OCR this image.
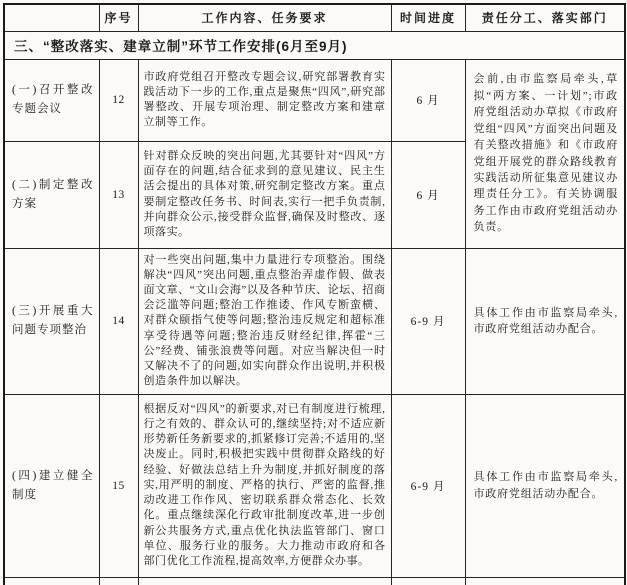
	序号	工作内容、任务要求	时间进度	责任分工、落实部门
三、“整改落实、建章立制”环节工作安排(6月至9月)				
(一)召开整改专题会议	12	市政府党组召开整改专题会议,研究部署教育实践活动下一步的工作,重点是聚焦“四风”,研究部署整改、开展专项治理、制定整改方案和建章立制等工作。	6 月	会前,由市监察局牵头,草拟“两方案、一计划”;市政府党组活动办草拟《市政府党组“四风”方面突出问题及有关整改措施》和《市政府党组开展党的群众路线教育实践活动所征集意见建议办理责任分工》。有关协调服务工作由市政府党组活动办负责。
(二)制定整改方案	13	针对群众反映的突出问题,尤其要针对“四风”方面存在的问题,结合征求到的意见建议、民主生活会提出的具体对策,研究制定整改方案。重点要制定整改任务书、时间表,实行一把手负责制,并向群众公示,接受群众监督,确保及时整改、逐项落实。	6 月	
(三)开展重大问题专项整治	14	对一些突出问题,集中力量进行专项整治。围绕解决“四风”突出问题,重点整治弄虚作假、做表面文章、“文山会海”以及各种节庆、论坛、招商会泛滥等问题;整治工作推诿、作风专断蛮横、对群众颐指气使等问题;整治违反规定和超标准享受待遇等问题;整治违反财经纪律,挥霍“三公”经费、铺张浪费等问题。对应当解决但一时又解决不了的问题,如实向群众作出说明,并积极创造条件加以解决。	6-9 月	具体工作由市监察局牵头,市政府党组活动办配合。
(四)建立健全制度	15	根据反对“四风”的新要求,对已有制度进行梳理,行之有效的、群众认可的,继续坚持;对不适应新形势新任务新要求的,抓紧修订完善;不适用的,坚决废止。同时,积极把实践中贯彻群众路线的好经验、好做法总结上升为制度,并抓好制度的落实,用严明的制度、严格的执行、严密的监督,推动改进工作作风、密切联系群众常态化、长效化。重点继续深化行政审批制度改革,进一步创新公共服务方式,重点优化执法监管部门、窗口单位、服务行业的服务。大力推动市政府和各部门优化工作流程,提高效率,方便群众办事。	6-9 月	具体工作由市监察局牵头,市政府党组活动办配合。
